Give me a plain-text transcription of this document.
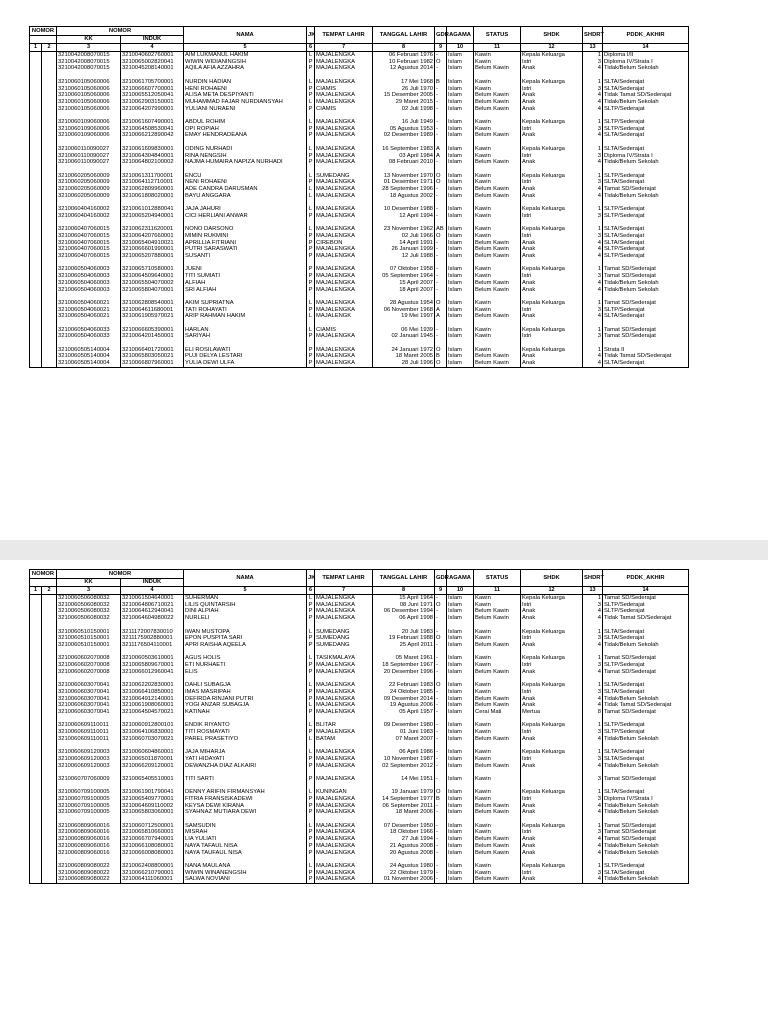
NOMOR		NOMOR		NAMA	JK	TEMPAT LAHIR	TANGGAL LAHIR	GDR	AGAMA	STATUS	SHDK	SHDRT	PDDK_AKHIR
		KK	INDUK										
1	2	3	4	5	6	7	8	9	10	11	12	13	14
		3210042008070015	3210040602760001	AIM LUKMANUL HAKIM	L	MAJALENGKA	06 Februari 1976	-	Islam	Kawin	Kepala Keluarga	1	Diploma I/II
		3210042008070015	3210065002820041	WIWIN WIDIANINGSIH	P	MAJALENGKA	10 Februari 1982	O	Islam	Kawin	Istri	3	Diploma IV/Strata I
		3210042008070015	3210045208140001	AQILA AFIA AZZAHRA	P	MAJALENGKA	12 Agustus 2014	-	Islam	Belum Kawin	Anak	4	Tidak/Belum Sekolah

		3210060105060006	3210061705700001	NURDIN HADIAN	L	MAJALENGKA	17 Mei 1968	B	Islam	Kawin	Kepala Keluarga	1	SLTA/Sederajat
		3210060105060006	3210066607700001	HENI ROHAENI	P	CIAMIS	26 Juli 1970	-	Islam	Kawin	Istri	3	SLTA/Sederajat
		3210060105060006	3210065512050041	ALISA META DESPIYANTI	P	MAJALENGKA	15 Desember 2005	-	Islam	Belum Kawin	Anak	4	Tidak Tamat SD/Sederajat
		3210060105060006	3210062903150001	MUHAMMAD FAJAR NURDIANSYAH	L	MAJALENGKA	29 Maret 2015	-	Islam	Belum Kawin	Anak	4	Tidak/Belum Sekolah
		3210060105060006	3210064207990001	YULIANI NURAENI	P	CIAMIS	02 Juli 1998	-	Islam	Belum Kawin	Anak	4	SLTP/Sederajat

		3210060109060006	3210061607490001	ABDUL ROHIM	L	MAJALENGKA	16 Juli 1949	-	Islam	Kawin	Kepala Keluarga	1	SLTP/Sederajat
		3210060109060006	3210064508530041	OPI ROPIAH	P	MAJALENGKA	05 Agustus 1953	-	Islam	Kawin	Istri	3	SLTP/Sederajat
		3210060109060006	3210066212890042	EMAY HENDRADEANA	P	MAJALENGKA	02 Desember 1989	-	Islam	Belum Kawin	Anak	4	SLTA/Sederajat

		3210060110090027	3210061609830001	ODING NURHADI	L	MAJALENGKA	16 September 1983	A	Islam	Kawin	Kepala Keluarga	1	SLTA/Sederajat
		3210060110090027	3210064304840001	RINA NENGSIH	P	MAJALENGKA	03 April 1984	A	Islam	Kawin	Istri	3	Diploma IV/Strata I
		3210060110090027	3210064802100002	NAJMA HUMAIRA NAPIZA NURHADI	P	MAJALENGKA	08 Februari 2010	-	Islam	Belum Kawin	Anak	4	Tidak/Belum Sekolah

		3210060205060009	3210061311700001	ENCU	L	SUMEDANG	13 November 1970	O	Islam	Kawin	Kepala Keluarga	1	SLTP/Sederajat
		3210060205060009	3210064112710001	NENI ROHAENI	P	MAJALENGKA	01 Desember 1971	O	Islam	Kawin	Istri	3	SLTA/Sederajat
		3210060205060009	3210062809960001	ADE CANDRA DARUSMAN	L	MAJALENGKA	28 September 1996	-	Islam	Belum Kawin	Anak	4	Tamat SD/Sederajat
		3210060205060009	3210061808020001	BAYU ANGGARA	L	MAJALENGKA	18 Agustus 2002	-	Islam	Belum Kawin	Anak	4	Tidak/Belum Sekolah

		3210060404160002	3210061012880041	JAJA JAHURI	L	MAJALENGKA	10 Desember 1988	-	Islam	Kawin	Kepala Keluarga	1	SLTP/Sederajat
		3210060404160002	3210065204940001	CICI HERLIANI ANWAR	P	MAJALENGKA	12 April 1994	-	Islam	Kawin	Istri	3	SLTP/Sederajat

		3210060407060015	3210062311620001	NONO DARSONO	L	MAJALENGKA	23 November 1962	AB	Islam	Kawin	Kepala Keluarga	1	SLTA/Sederajat
		3210060407060015	3210064207660001	MIMIN RUKMINI	P	MAJALENGKA	02 Juli 1966	O	Islam	Kawin	Istri	3	SLTA/Sederajat
		3210060407060015	3210065404910021	APRILLIA FITRIANI	P	CIREBON	14 April 1991	-	Islam	Belum Kawin	Anak	4	SLTA/Sederajat
		3210060407060015	3210066601990001	PUTRI SARASWATI	P	MAJALENGKA	26 Januari 1999	-	Islam	Belum Kawin	Anak	4	SLTP/Sederajat
		3210060407060015	3210065207880001	SUSANTI	P	MAJALENGKA	12 Juli 1988	-	Islam	Belum Kawin	Anak	4	SLTP/Sederajat

		3210060504060003	3210065710580001	JUENI	P	MAJALENGKA	07 Oktober 1958	-	Islam	Kawin	Kepala Keluarga	1	Tamat SD/Sederajat
		3210060504060003	3210064509640001	TITI SUMIATI	P	MAJALENGKA	05 September 1964	-	Islam	Kawin	Istri	3	Tamat SD/Sederajat
		3210060504060003	3210065504070002	ALFIAH	P	MAJALENGKA	15 April 2007	-	Islam	Belum Kawin	Anak	4	Tidak/Belum Sekolah
		3210060504060003	3210065804070001	SRI ALFIAH	P	MAJALENGKA	18 April 2007	-	Islam	Belum Kawin	Anak	4	Tidak/Belum Sekolah

		3210060504060021	3210062808540001	AKIM SUPRIATNA	L	MAJALENGKA	28 Agustus 1954	O	Islam	Kawin	Kepala Keluarga	1	Tamat SD/Sederajat
		3210060504060021	3210064611680001	TATI ROHAYATI	P	MAJALENGKA	06 November 1968	A	Islam	Kawin	Istri	3	SLTP/Sederajat
		3210060504060021	3210061905970021	ARIP RAHMAN HAKIM	L	MAJALENGK	19 Mei 1997	A	Islam	Belum Kawin	Anak	4	SLTA/Sederajat

		3210060504060033	3210066605390001	HARLAN	L	CIAMIS	06 Mei 1939	-	Islam	Kawin	Kepala Keluarga	1	Tamat SD/Sederajat
		3210060504060033	3210064201450001	SARIYAH	P	MAJALENGKA	02 Januari 1945	-	Islam	Kawin	Istri	3	Tamat SD/Sederajat

		3210060505140004	3210066401720001	ELI ROSILAWATI	P	MAJALENGKA	24 Januari 1972	O	Islam	Kawin	Kepala Keluarga	1	Strata II
		3210060505140004	3210065803050021	PUJI DELYA LESTARI	P	MAJALENGKA	18 Maret 2005	B	Islam	Belum Kawin	Anak	4	Tidak Tamat SD/Sederajat
		3210060505140004	3210066807960001	YULIA DEWI ULFA	P	MAJALENGKA	28 Juli 1996	O	Islam	Belum Kawin	Anak	4	SLTA/Sederajat
NOMOR		NOMOR		NAMA	JK	TEMPAT LAHIR	TANGGAL LAHIR	GDR	AGAMA	STATUS	SHDK	SHDRT	PDDK_AKHIR
		KK	INDUK										
1	2	3	4	5	6	7	8	9	10	11	12	13	14
		3210060506080032	3210061504640001	SUHERMAN	L	MAJALENGKA	15 April 1964	-	Islam	Kawin	Kepala Keluarga	1	Tamat SD/Sederajat
		3210060506080032	3210064806710021	LILIS QUINTARSIH	P	MAJALENGKA	08 Juni 1971	O	Islam	Kawin	Istri	3	SLTP/Sederajat
		3210060506080032	3210064612940041	DINI ALPIAH	P	MAJALENGKA	06 Desember 1994	-	Islam	Belum Kawin	Anak	4	SLTP/Sederajat
		3210060506080032	3210064604980022	NURLELI	P	MAJALENGKA	06 April 1998	-	Islam	Belum Kawin	Anak	4	Tidak Tamat SD/Sederajat

		3210060510150001	3211172007830010	IWAN MUSTOPA	L	SUMEDANG	20 Juli 1983	-	Islam	Kawin	Kepala Keluarga	1	SLTA/Sederajat
		3210060510150001	3211175902880001	EPON PUSPITA SARI	P	SUMEDANG	19 Februari 1988	O	Islam	Kawin	Istri	3	SLTA/Sederajat
		3210060510150001	3211176504110001	APRI RAISHA AQEELA	P	SUMEDANG	25 April 2011	-	Islam	Belum Kawin	Anak	4	Tidak/Belum Sekolah

		3210060602070008	3210060503610001	AGUS HOLIS	L	TASIKMALAYA	05 Maret 1961	-	Islam	Kawin	Kepala Keluarga	1	Tamat SD/Sederajat
		3210060602070008	3210065809670001	ETI NURHAETI	P	MAJALENGKA	18 September 1967	-	Islam	Kawin	Istri	3	SLTP/Sederajat
		3210060602070008	3210066012960041	ELIS	P	MAJALENGKA	20 Desember 1996	-	Islam	Belum Kawin	Anak	4	Tamat SD/Sederajat

		3210060603070041	3210062202830001	DAHLI SUBAGJA	L	MAJALENGKA	22 Februari 1983	O	Islam	Kawin	Kepala Keluarga	1	SLTA/Sederajat
		3210060603070041	3210066410850001	IMAS MASRIPAH	P	MAJALENGKA	24 Oktober 1985	-	Islam	Kawin	Istri	3	SLTA/Sederajat
		3210060603070041	3210064912140001	DEFIRDA RINJANI PUTRI	P	MAJALENGKA	09 Desember 2014	-	Islam	Belum Kawin	Anak	4	Tidak/Belum Sekolah
		3210060603070041	3210061908060001	YOGI ANZAR SUBAGJA	L	MAJALENGKA	19 Agustus 2006	-	Islam	Belum Kawin	Anak	4	Tidak Tamat SD/Sederajat
		3210060603070041	3210064504570021	KATINAH	P	MAJALENGKA	05 April 1957	-	Islam	Cerai Mati	Mertua	8	Tamat SD/Sederajat

		3210060609110011	3210060912800101	ENDIK RIYANTO	L	BLITAR	09 Desember 1980	-	Islam	Kawin	Kepala Keluarga	1	SLTP/Sederajat
		3210060609110011	3210064106830001	TITI ROSMAYATI	P	MAJALENGKA	01 Juni 1983	-	Islam	Kawin	Istri	3	SLTP/Sederajat
		3210060609110011	3210060703070021	PAREL PRASETIYO	L	BATAM	07 Maret 2007	-	Islam	Belum Kawin	Anak	4	Tidak/Belum Sekolah

		3210060609120003	3210060604860001	JAJA MIHARJA	L	MAJALENGKA	06 April 1986	-	Islam	Kawin	Kepala Keluarga	1	SLTA/Sederajat
		3210060609120003	3210065011870001	YATI HIDAYATI	P	MAJALENGKA	10 November 1987	-	Islam	Kawin	Istri	3	SLTA/Sederajat
		3210060609120003	3210066209120001	DEWANZHA DIAZ ALKAIRI	P	MAJALENGKA	02 September 2012	-	Islam	Belum Kawin	Anak	4	Tidak/Belum Sekolah

		3210060707060009	3210065405510001	TITI SARTI	P	MAJALENGKA	14 Mei 1951	-	Islam	Kawin		3	Tamat SD/Sederajat

		3210060709100005	3210061901790041	DENNY ARIFIN FIRMANSYAH	L	KUNINGAN	19 Januari 1979	O	Islam	Kawin	Kepala Keluarga	1	SLTA/Sederajat
		3210060709100005	3210065409770001	FITRIA FRANSISKADEWI	P	MAJALENGKA	14 September 1977	B	Islam	Kawin	Istri	3	Diploma IV/Strata I
		3210060709100005	3210064609110002	KEYSA DEWI KIRANA	P	MAJALENGKA	06 September 2011	-	Islam	Belum Kawin	Anak	4	Tidak/Belum Sekolah
		3210060709100005	3210065803060001	SYAHNAZ MUTIARA DEWI	P	MAJALENGKA	18 Maret 2006	-	Islam	Belum Kawin	Anak	4	Tidak/Belum Sekolah

		3210060809060016	3210060712500001	SAMSUDIN	L	MAJALENGKA	07 Desember 1950	-	Islam	Kawin	Kepala Keluarga	1	Tamat SD/Sederajat
		3210060809060016	3210065810660001	MISRAH	P	MAJALENGKA	18 Oktober 1966	-	Islam	Kawin	Istri	3	Tamat SD/Sederajat
		3210060809060016	3210066707940001	LIA YULIATI	P	MAJALENGKA	27 Juli 1994	-	Islam	Belum Kawin	Anak	4	Tamat SD/Sederajat
		3210060809060016	3210066108080001	NAYA TAFAUL NISA	P	MAJALENGKA	21 Agustus 2008	-	Islam	Belum Kawin	Anak	4	Tidak/Belum Sekolah
		3210060809060016	3210066008080001	NAYA TAUFAUL NISA	P	MAJALENGKA	20 Agustus 2008	-	Islam	Belum Kawin	Anak	4	Tidak/Belum Sekolah

		3210060809080022	3210062408800001	NANA MAULANA	L	MAJALENGKA	24 Agustus 1980	-	Islam	Kawin	Kepala Keluarga	1	SLTP/Sederajat
		3210060809080022	3210066210790001	WIWIN WINANENGSIH	P	MAJALENGKA	22 Oktober 1979	-	Islam	Kawin	Istri	3	SLTA/Sederajat
		3210060809080022	3210064111060001	SALWA NOVIANI	P	MAJALENGKA	01 November 2006	-	Islam	Belum Kawin	Anak	4	Tidak/Belum Sekolah
